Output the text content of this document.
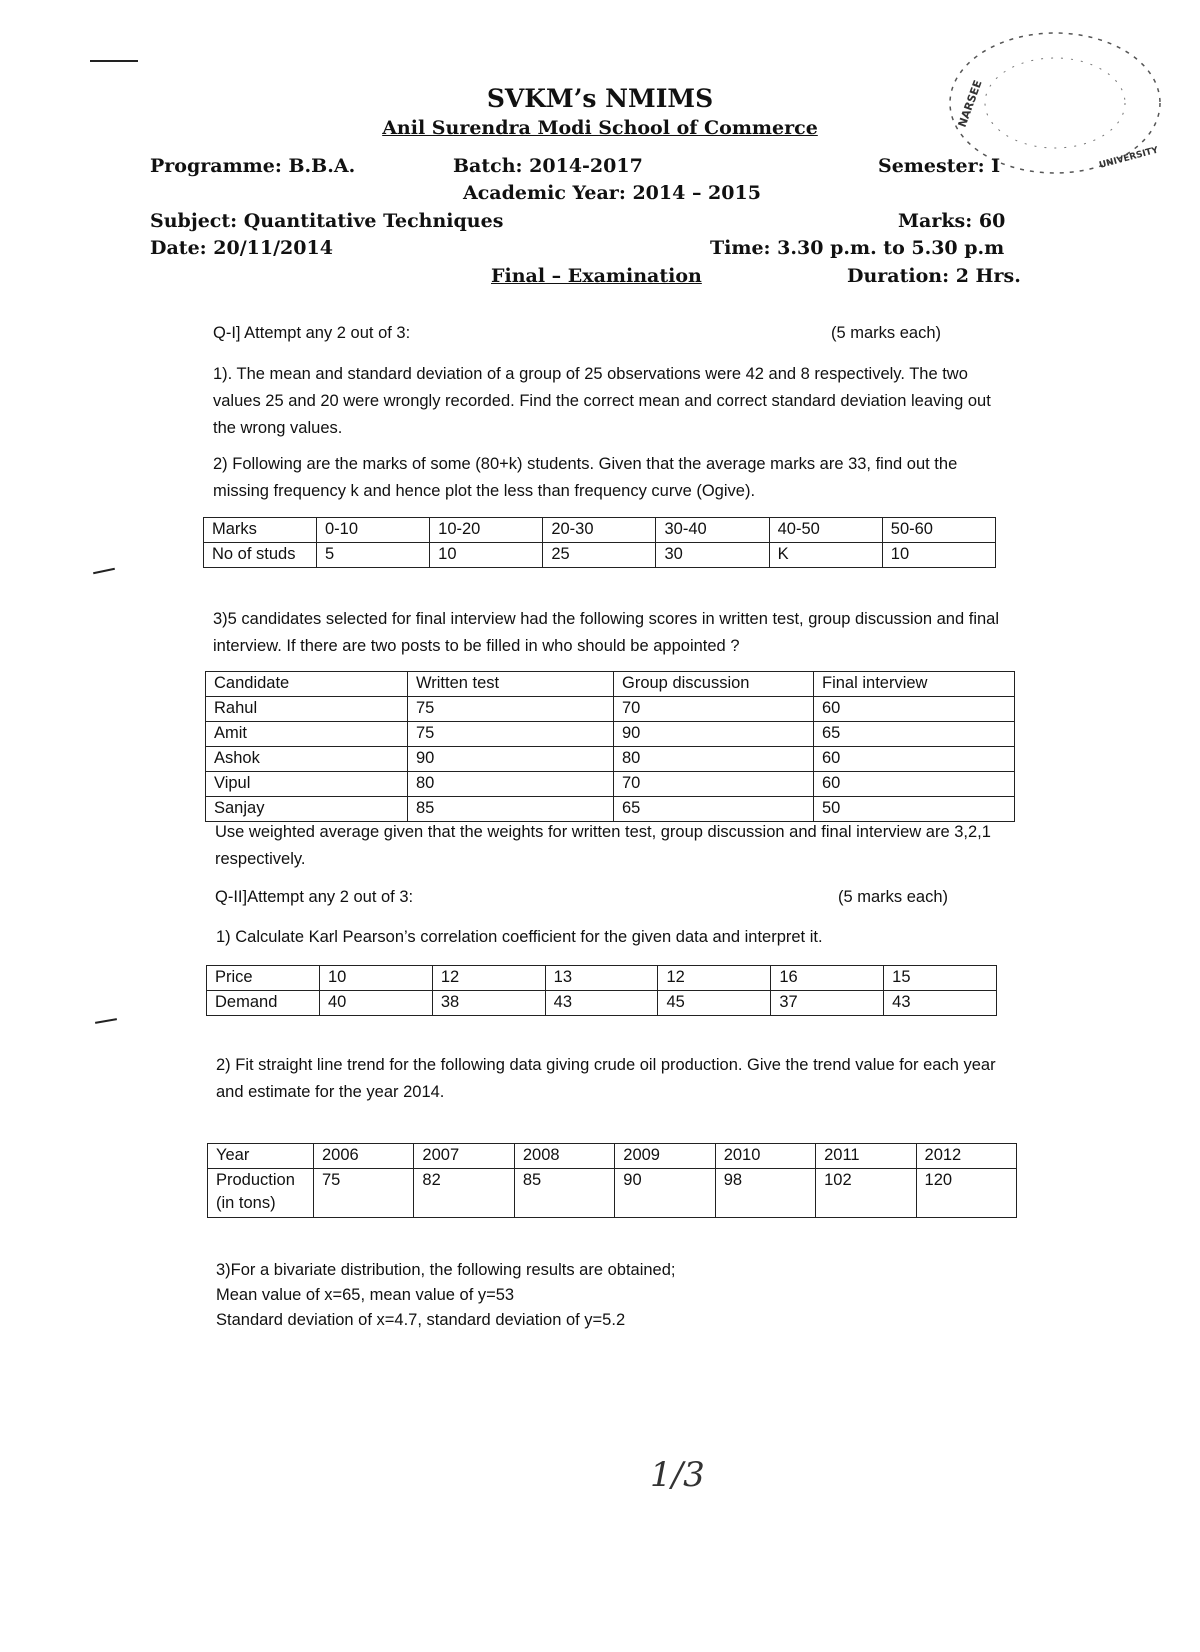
NARSEE
UNIVERSITY
SVKM’s NMIMS
Anil Surendra Modi School of Commerce
Programme: B.B.A.	Batch: 2014-2017	Semester: I
Academic Year: 2014 – 2015
Subject: Quantitative Techniques	Marks: 60
Date: 20/11/2014	Time: 3.30 p.m. to 5.30 p.m
Final – Examination	Duration: 2 Hrs.
Q-I] Attempt any 2 out of 3:	(5 marks each)
1). The mean and standard deviation of a group of 25 observations were 42 and 8 respectively. The two values 25 and 20 were wrongly recorded. Find the correct mean and correct standard deviation leaving out the wrong values.
2) Following are the marks of some (80+k) students. Given that the average marks are 33, find out the missing frequency k and hence plot the less than frequency curve (Ogive).
Marks	0-10	10-20	20-30	30-40	40-50	50-60
No of studs	5	10	25	30	K	10
3)5 candidates selected for final interview had the following scores in written test, group discussion and final interview. If there are two posts to be filled in who should be appointed ?
Candidate	Written test	Group discussion	Final interview
Rahul	75	70	60
Amit	75	90	65
Ashok	90	80	60
Vipul	80	70	60
Sanjay	85	65	50
Use weighted average given that the weights for written test, group discussion and final interview are 3,2,1 respectively.
Q-II]Attempt any 2 out of 3:	(5 marks each)
1) Calculate Karl Pearson’s correlation coefficient for the given data and interpret it.
Price	10	12	13	12	16	15
Demand	40	38	43	45	37	43
2) Fit straight line trend for the following data giving crude oil production. Give the trend value for each year and estimate for the year 2014.
Year	2006	2007	2008	2009	2010	2011	2012
Production (in tons)	75	82	85	90	98	102	120
3)For a bivariate distribution, the following results are obtained;
Mean value of x=65, mean value of y=53
Standard deviation of x=4.7, standard deviation of y=5.2
1/3
